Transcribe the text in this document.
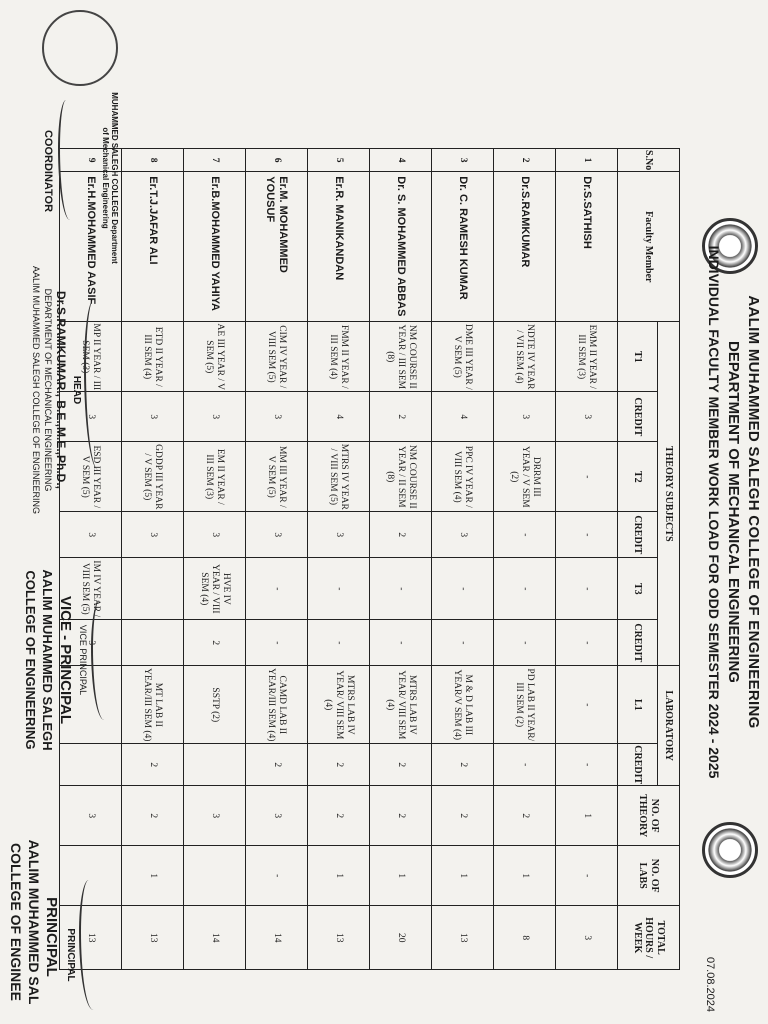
AALIM MUHAMMED SALEGH COLLEGE OF ENGINEERING
DEPARTMENT OF MECHANICAL ENGINEERING
INDIVIDUAL FACULTY MEMBER WORK LOAD FOR ODD SEMESTER 2024 - 2025
07.08.2024
S.No	Faculty Member	THEORY SUBJECTS						LABORATORY		NO. OF THEORY	NO. OF LABS	TOTAL HOURS / WEEK
		T1	CREDIT	T2	CREDIT	T3	CREDIT	L1	CREDIT			
1	Dr.S.SATHISH	EMM II YEAR / III SEM (3)	3	-	-	-	-	-	-	1	-	3
2	Dr.S.RAMKUMAR	NDTE IV YEAR / VII SEM (4)	3	DRRM III YEAR / V SEM (2)	-	-	-	PD LAB II YEAR/ III SEM (2)	-	2	1	8
3	Dr. C. RAMESH KUMAR	DME III YEAR / V SEM (5)	4	PPC IV YEAR / VIII SEM (4)	3	-	-	M & D LAB III YEAR/V SEM (4)	2	2	1	13
4	Dr. S. MOHAMMED ABBAS	NM COURSE II YEAR / III SEM (8)	2	NM COURSE II YEAR / II SEM (8)	2	-	-	MTRS LAB IV YEAR/ VIII SEM (4)	2	2	1	20
5	Er.R. MANIKANDAN	FMM II YEAR / III SEM (4)	4	MTRS IV YEAR / VIII SEM (5)	3	-	-	MTRS LAB IV YEAR/ VIII SEM (4)	2	2	1	13
6	Er.M. MOHAMMED YOUSUF	CIM IV YEAR / VIII SEM (5)	3	MM III YEAR / V SEM (5)	3	-	-	CAMD LAB II YEAR/III SEM (4)	2	3	-	14
7	Er.B.MOHAMMED YAHIYA	AE III YEAR / V SEM (5)	3	EM II YEAR / III SEM (3)	3	HVE IV YEAR / VIII SEM (4)	2	SSTP (2)		3		14
8	Er.T.J.JAFAR ALI	ETD II YEAR / III SEM (4)	3	GDDP III YEAR / V SEM (5)	3			MT LAB II YEAR/III SEM (4)	2	2	1	13
9	Er.H.MOHAMMED AASIF	MP II YEAR / III SEM (3)	3	ESD III YEAR / V SEM (5)	3	IM IV YEAR / VIII SEM (5)	3			3		13
MUHAMMED SALEGH COLLEGE Department of Mechanical Engineering
COORDINATOR
HEAD
Dr.S.RAMKUMAR., B.E.,M.E.,Ph.D.,
DEPARTMENT OF MECHANICAL ENGINEERING
AALIM MUHAMMED SALEGH COLLEGE OF ENGINEERING
VICE PRINCIPAL
VICE - PRINCIPAL
AALIM MUHAMMED SALEGH
COLLEGE OF ENGINEERING
PRINCIPAL
PRINCIPAL
AALIM MUHAMMED SAL
COLLEGE OF ENGINEE
